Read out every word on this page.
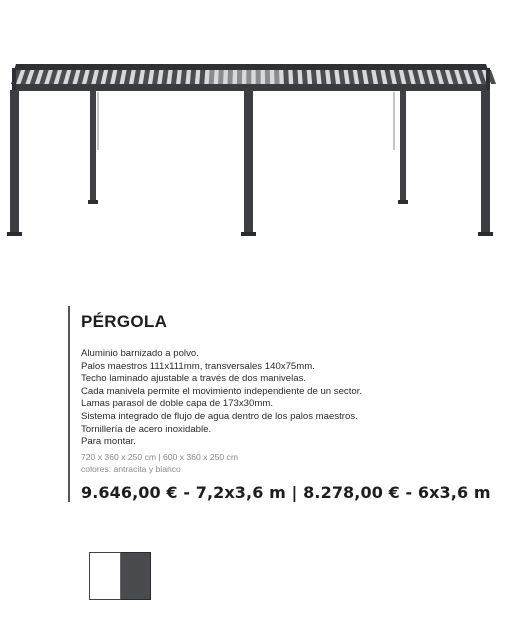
PÉRGOLA
Aluminio barnizado a polvo.
Palos maestros 111x111mm, transversales 140x75mm.
Techo laminado ajustable a través de dos manivelas.
Cada manivela permite el movimiento independiente de un sector.
Lamas parasol de doble capa de 173x30mm.
Sistema integrado de flujo de agua dentro de los palos maestros.
Tornillería de acero inoxidable.
Para montar.
720 x 360 x 250 cm | 600 x 360 x 250 cm
colores: antracita y blanco
9.646,00 € - 7,2x3,6 m | 8.278,00 € - 6x3,6 m
